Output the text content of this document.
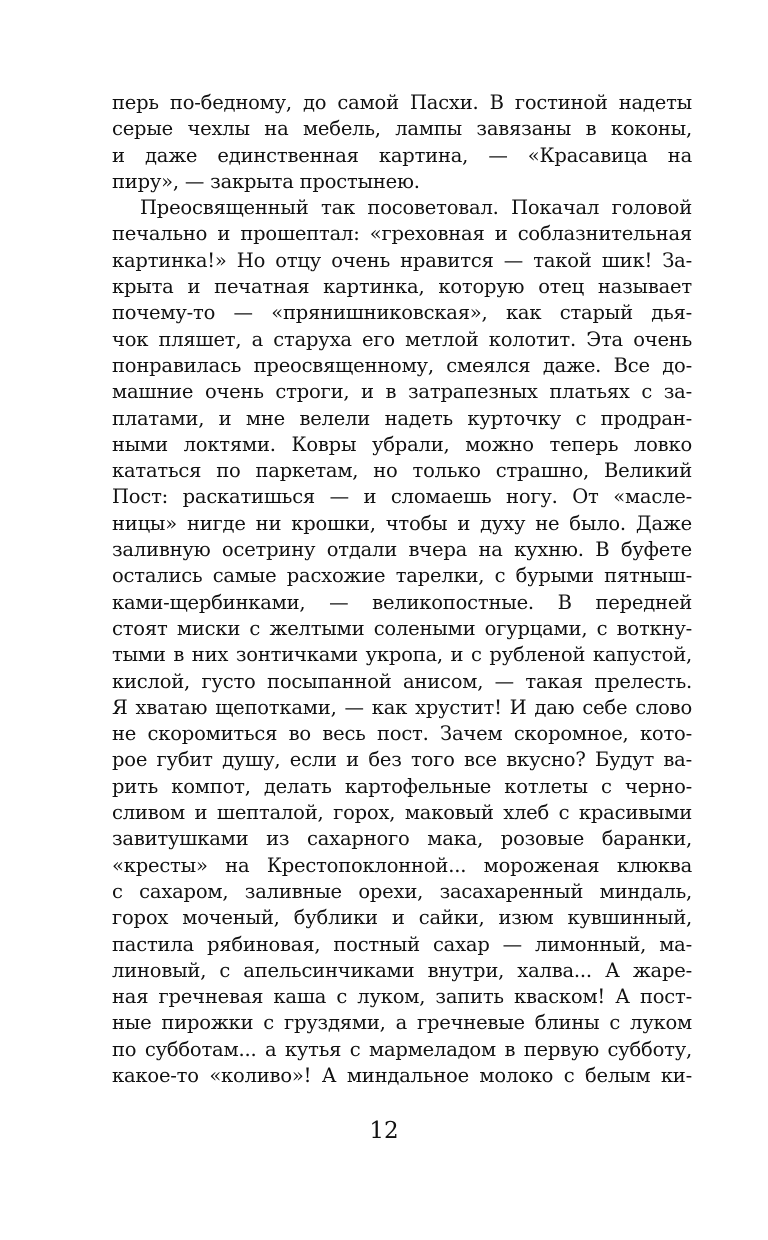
перь по-бедному, до самой Пасхи. В гостиной надеты
серые чехлы на мебель, лампы завязаны в коконы,
и даже единственная картина, — «Красавица на
пиру», — закрыта простынею.
Преосвященный так посоветовал. Покачал головой
печально и прошептал: «греховная и соблазнительная
картинка!» Но отцу очень нравится — такой шик! За-
крыта и печатная картинка, которую отец называет
почему-то — «прянишниковская», как старый дья-
чок пляшет, а старуха его метлой колотит. Эта очень
понравилась преосвященному, смеялся даже. Все до-
машние очень строги, и в затрапезных платьях с за-
платами, и мне велели надеть курточку с продран-
ными локтями. Ковры убрали, можно теперь ловко
кататься по паркетам, но только страшно, Великий
Пост: раскатишься — и сломаешь ногу. От «масле-
ницы» нигде ни крошки, чтобы и духу не было. Даже
заливную осетрину отдали вчера на кухню. В буфете
остались самые расхожие тарелки, с бурыми пятныш-
ками-щербинками, — великопостные. В передней
стоят миски с желтыми солеными огурцами, с воткну-
тыми в них зонтичками укропа, и с рубленой капустой,
кислой, густо посыпанной анисом, — такая прелесть.
Я хватаю щепотками, — как хрустит! И даю себе слово
не скоромиться во весь пост. Зачем скоромное, кото-
рое губит душу, если и без того все вкусно? Будут ва-
рить компот, делать картофельные котлеты с черно-
сливом и шепталой, горох, маковый хлеб с красивыми
завитушками из сахарного мака, розовые баранки,
«кресты» на Крестопоклонной... мороженая клюква
с сахаром, заливные орехи, засахаренный миндаль,
горох моченый, бублики и сайки, изюм кувшинный,
пастила рябиновая, постный сахар — лимонный, ма-
линовый, с апельсинчиками внутри, халва... А жаре-
ная гречневая каша с луком, запить кваском! А пост-
ные пирожки с груздями, а гречневые блины с луком
по субботам... а кутья с мармеладом в первую субботу,
какое-то «коливо»! А миндальное молоко с белым ки-
12
